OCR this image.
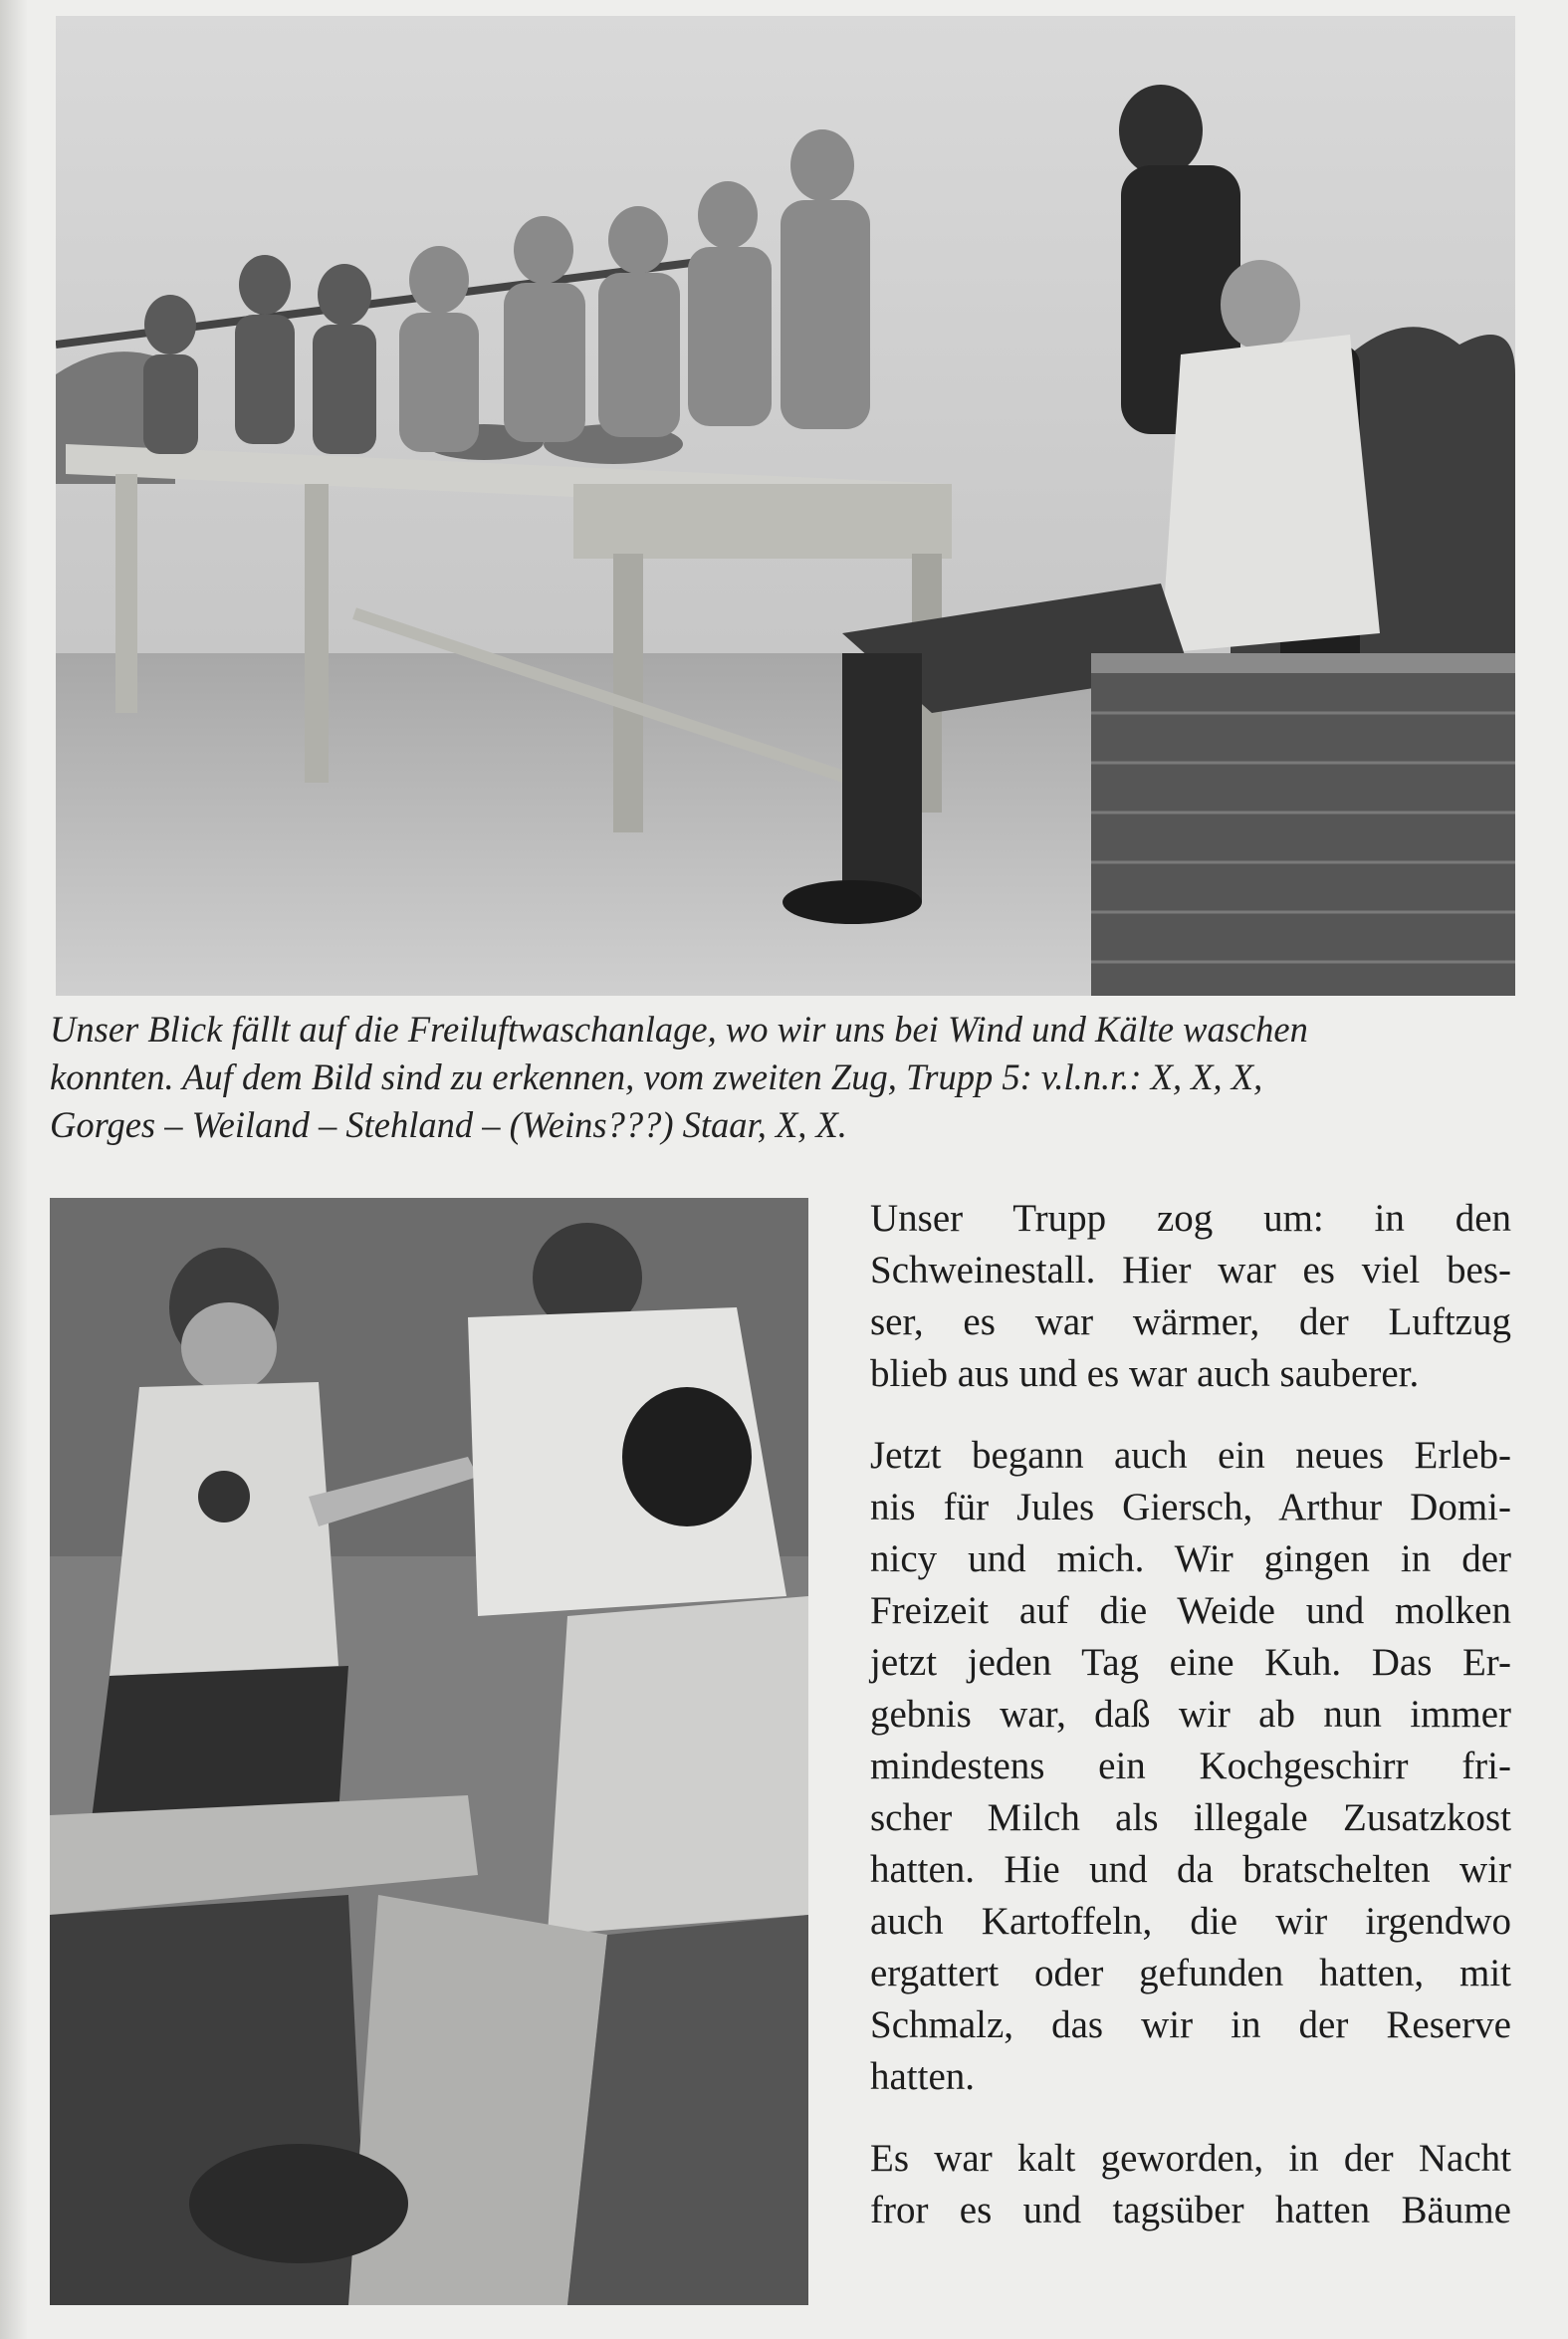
Unser Blick fällt auf die Freiluftwaschanlage, wo wir uns bei Wind und Kälte waschen
konnten. Auf dem Bild sind zu erkennen, vom zweiten Zug, Trupp 5: v.l.n.r.: X, X, X,
Gorges – Weiland – Stehland – (Weins???) Staar, X, X.
Unser Trupp zog um: in den
Schweinestall. Hier war es viel bes-
ser, es war wärmer, der Luftzug
blieb aus und es war auch sauberer.
Jetzt begann auch ein neues Erleb-
nis für Jules Giersch, Arthur Domi-
nicy und mich. Wir gingen in der
Freizeit auf die Weide und molken
jetzt jeden Tag eine Kuh. Das Er-
gebnis war, daß wir ab nun immer
mindestens ein Kochgeschirr fri-
scher Milch als illegale Zusatzkost
hatten. Hie und da bratschelten wir
auch Kartoffeln, die wir irgendwo
ergattert oder gefunden hatten, mit
Schmalz, das wir in der Reserve
hatten.
Es war kalt geworden, in der Nacht
fror es und tagsüber hatten Bäume
